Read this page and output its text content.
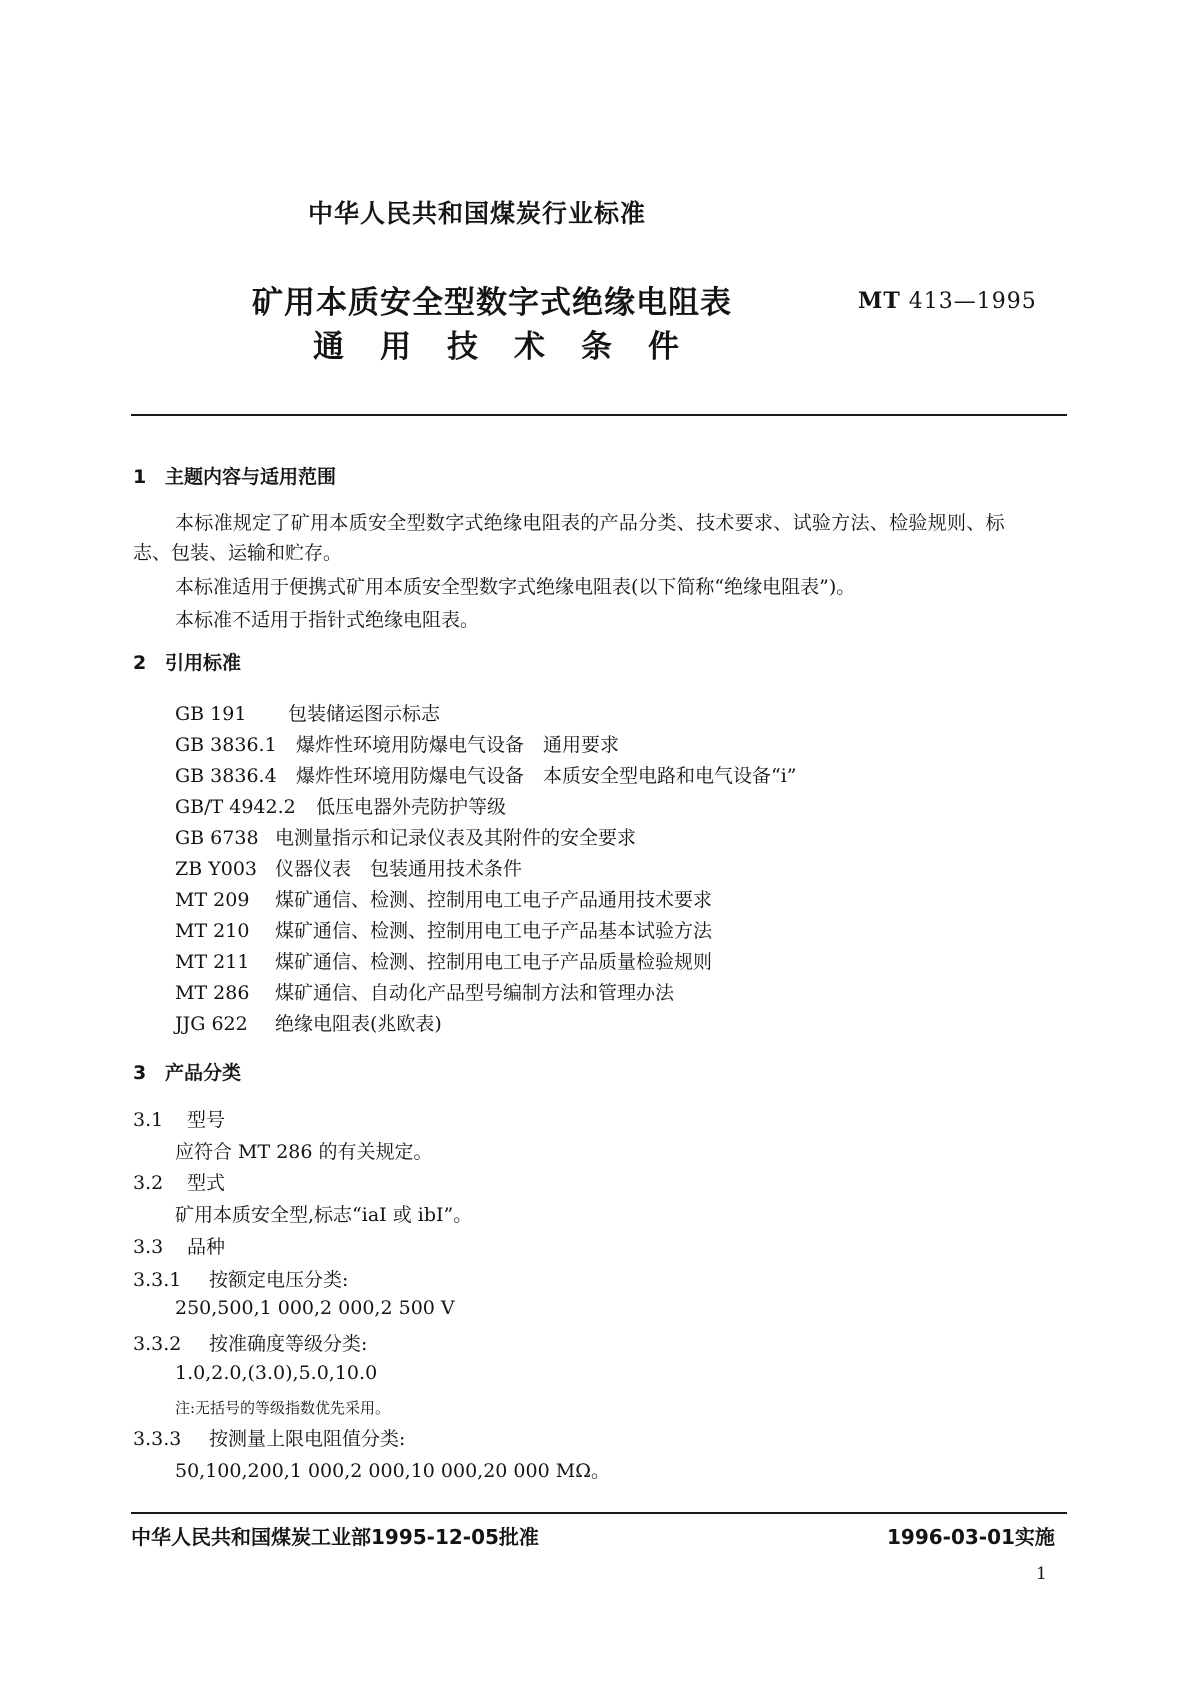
中华人民共和国煤炭行业标准
矿用本质安全型数字式绝缘电阻表
通用技术条件
MT 413—1995
1 主题内容与适用范围
本标准规定了矿用本质安全型数字式绝缘电阻表的产品分类、技术要求、试验方法、检验规则、标
志、包装、运输和贮存。
本标准适用于便携式矿用本质安全型数字式绝缘电阻表(以下简称“绝缘电阻表”)。
本标准不适用于指针式绝缘电阻表。
2 引用标准
GB 191 包装储运图示标志
GB 3836.1 爆炸性环境用防爆电气设备　通用要求
GB 3836.4 爆炸性环境用防爆电气设备　本质安全型电路和电气设备“i”
GB/T 4942.2 低压电器外壳防护等级
GB 6738 电测量指示和记录仪表及其附件的安全要求
ZB Y003 仪器仪表　包装通用技术条件
MT 209 煤矿通信、检测、控制用电工电子产品通用技术要求
MT 210 煤矿通信、检测、控制用电工电子产品基本试验方法
MT 211 煤矿通信、检测、控制用电工电子产品质量检验规则
MT 286 煤矿通信、自动化产品型号编制方法和管理办法
JJG 622 绝缘电阻表(兆欧表)
3 产品分类
3.1 型号
应符合 MT 286 的有关规定。
3.2 型式
矿用本质安全型,标志“iaI 或 ibI”。
3.3 品种
3.3.1 按额定电压分类:
250,500,1 000,2 000,2 500 V
3.3.2 按准确度等级分类:
1.0,2.0,(3.0),5.0,10.0
注:无括号的等级指数优先采用。
3.3.3 按测量上限电阻值分类:
50,100,200,1 000,2 000,10 000,20 000 MΩ。
中华人民共和国煤炭工业部1995-12-05批准	1996-03-01实施
1
